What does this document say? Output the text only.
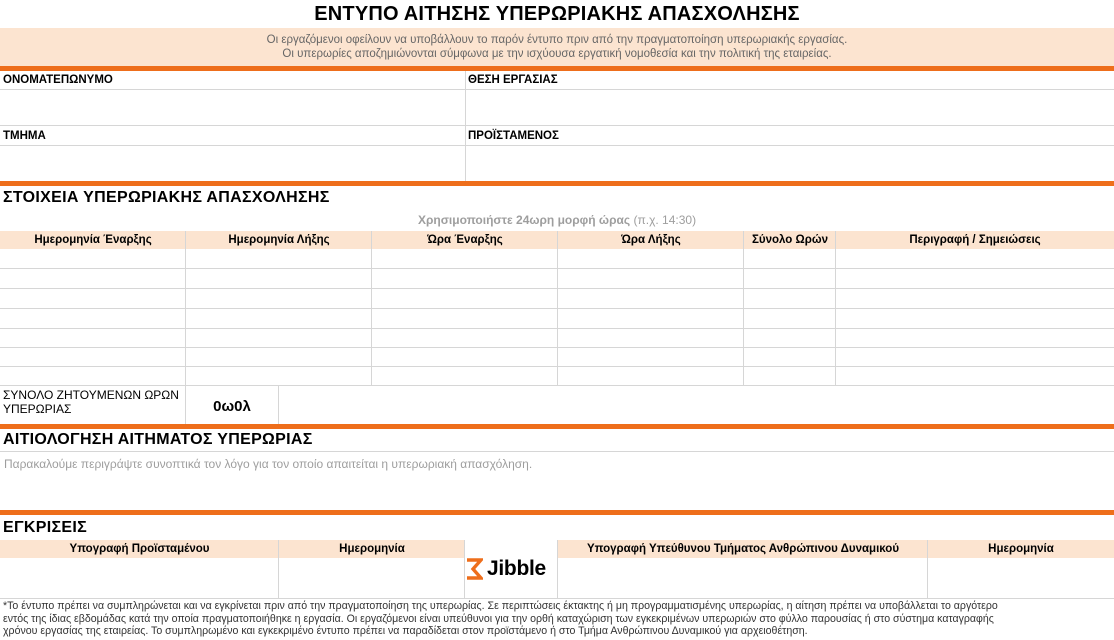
ΕΝΤΥΠΟ ΑΙΤΗΣΗΣ ΥΠΕΡΩΡΙΑΚΗΣ ΑΠΑΣΧΟΛΗΣΗΣ
Οι εργαζόμενοι οφείλουν να υποβάλλουν το παρόν έντυπο πριν από την πραγματοποίηση υπερωριακής εργασίας.
Οι υπερωρίες αποζημιώνονται σύμφωνα με την ισχύουσα εργατική νομοθεσία και την πολιτική της εταιρείας.
ΟΝΟΜΑΤΕΠΩΝΥΜΟ	ΘΕΣΗ ΕΡΓΑΣΙΑΣ
ΤΜΗΜΑ	ΠΡΟΪΣΤΑΜΕΝΟΣ
ΣΤΟΙΧΕΙΑ ΥΠΕΡΩΡΙΑΚΗΣ ΑΠΑΣΧΟΛΗΣΗΣ
Χρησιμοποιήστε 24ωρη μορφή ώρας (π.χ. 14:30)
Ημερομηνία Έναρξης	Ημερομηνία Λήξης	Ώρα Έναρξης	Ώρα Λήξης	Σύνολο Ωρών	Περιγραφή / Σημειώσεις
ΣΥΝΟΛΟ ΖΗΤΟΥΜΕΝΩΝ ΩΡΩΝ ΥΠΕΡΩΡΙΑΣ	0ω0λ
ΑΙΤΙΟΛΟΓΗΣΗ ΑΙΤΗΜΑΤΟΣ ΥΠΕΡΩΡΙΑΣ
Παρακαλούμε περιγράψτε συνοπτικά τον λόγο για τον οποίο απαιτείται η υπερωριακή απασχόληση.
ΕΓΚΡΙΣΕΙΣ
Υπογραφή Προϊσταμένου	Ημερομηνία	Υπογραφή Υπεύθυνου Τμήματος Ανθρώπινου Δυναμικού	Ημερομηνία
Jibble
*Το έντυπο πρέπει να συμπληρώνεται και να εγκρίνεται πριν από την πραγματοποίηση της υπερωρίας. Σε περιπτώσεις έκτακτης ή μη προγραμματισμένης υπερωρίας, η αίτηση πρέπει να υποβάλλεται το αργότερο
εντός της ίδιας εβδομάδας κατά την οποία πραγματοποιήθηκε η εργασία. Οι εργαζόμενοι είναι υπεύθυνοι για την ορθή καταχώριση των εγκεκριμένων υπερωριών στο φύλλο παρουσίας ή στο σύστημα καταγραφής
χρόνου εργασίας της εταιρείας. Το συμπληρωμένο και εγκεκριμένο έντυπο πρέπει να παραδίδεται στον προϊστάμενο ή στο Τμήμα Ανθρώπινου Δυναμικού για αρχειοθέτηση.
